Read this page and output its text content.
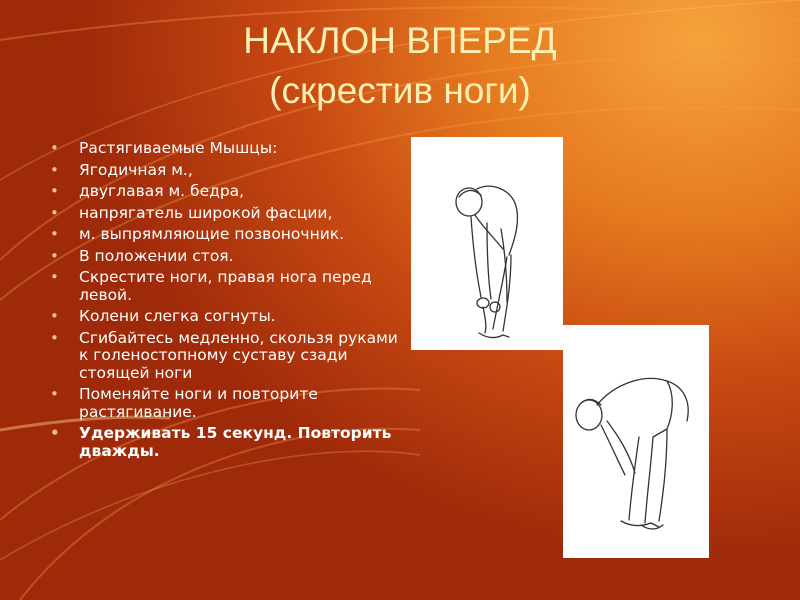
НАКЛОН ВПЕРЕД
(скрестив ноги)
• Растягиваемые Мышцы:
• Ягодичная м.,
• двуглавая м. бедра,
• напрягатель широкой фасции,
• м. выпрямляющие позвоночник.
• В положении стоя.
• Скрестите ноги, правая нога перед левой.
• Колени слегка согнуты.
• Сгибайтесь медленно, скользя руками к голеностопному суставу сзади стоящей ноги
• Поменяйте ноги и повторите растягивание.
• Удерживать 15 секунд. Повторить дважды.
